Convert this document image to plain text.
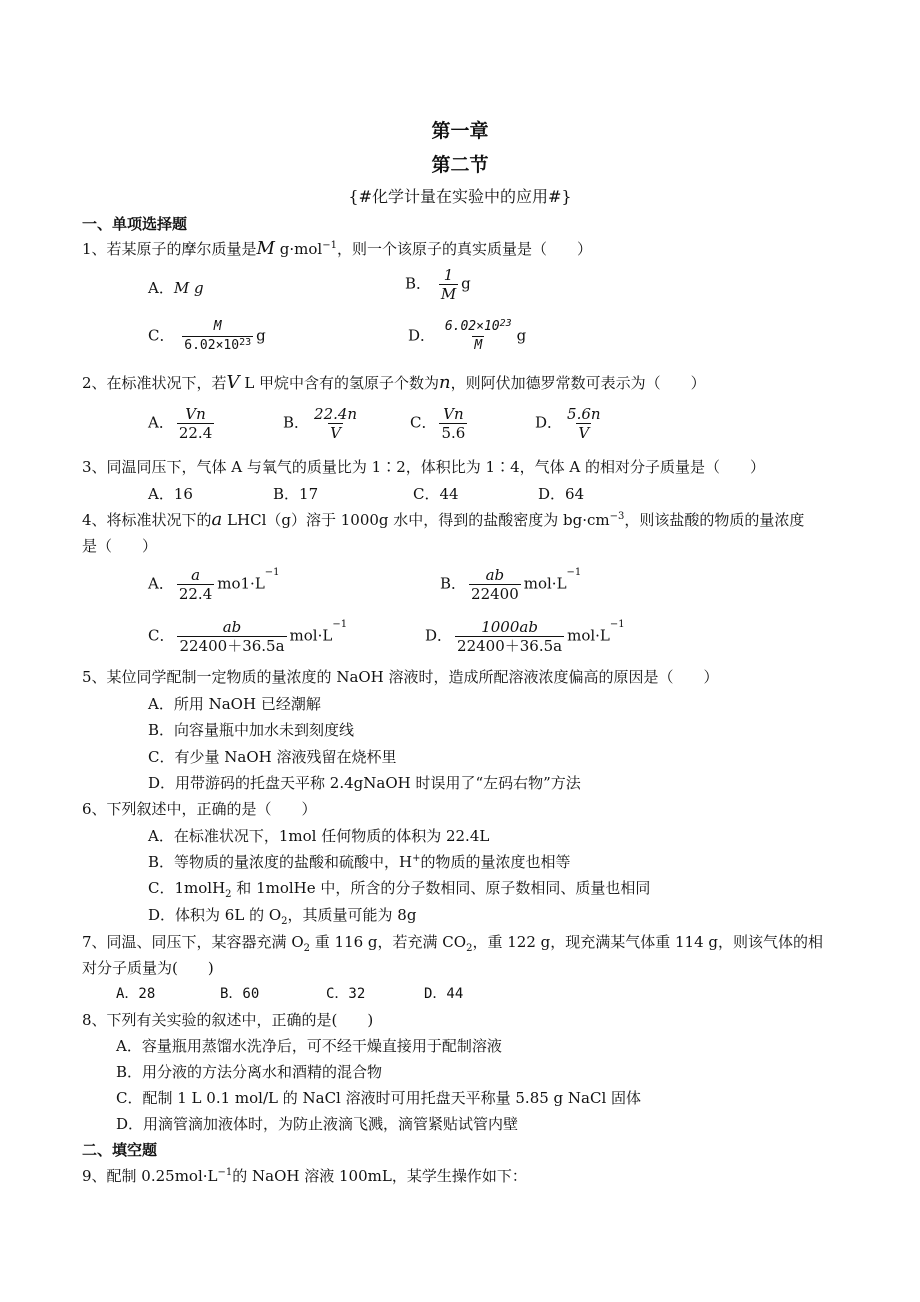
第一章
第二节
{#化学计量在实验中的应用#}
一、单项选择题
1、若某原子的摩尔质量是M g·mol$^{-1}$，则一个该原子的真实质量是（　　）
A．M g	B． $\frac{1}{M}$ g
C． $\frac{M}{6.02\times 10^{23}}$ g	D． $\frac{6.02\times 10^{23}}{M}$ g
2、在标准状况下，若V L 甲烷中含有的氢原子个数为n，则阿伏加德罗常数可表示为（　　）
A． $\frac{Vn}{22.4}$	B． $\frac{22.4n}{V}$	C． $\frac{Vn}{5.6}$	D． $\frac{5.6n}{V}$
3、同温同压下，气体 A 与氧气的质量比为 1∶2，体积比为 1∶4，气体 A 的相对分子质量是（　　）
A．16	B．17	C．44	D．64
4、将标准状况下的a LHCl（g）溶于 1000g 水中，得到的盐酸密度为 $bg\cdot cm^{-3}$，则该盐酸的物质的量浓度
是（　　）
A． $\frac{a}{22.4} mo1\cdot L^{-1}$
B． $\frac{ab}{22400} mol\cdot L^{-1}$
C． $\frac{ab}{22400+36.5a} mol\cdot L^{-1}$
D． $\frac{1000ab}{22400+36.5a} mol\cdot L^{-1}$
5、某位同学配制一定物质的量浓度的 NaOH 溶液时，造成所配溶液浓度偏高的原因是（　　）
A．所用 NaOH 已经潮解
B．向容量瓶中加水未到刻度线
C．有少量 NaOH 溶液残留在烧杯里
D．用带游码的托盘天平称 2.4gNaOH 时误用了“左码右物”方法
6、下列叙述中，正确的是（　　）
A．在标准状况下，1mol 任何物质的体积为 22.4L
B．等物质的量浓度的盐酸和硫酸中，H+的物质的量浓度也相等
C．1molH$_2$ 和 1molHe 中，所含的分子数相同、原子数相同、质量也相同
D．体积为 6L 的 $O_2$，其质量可能为 8g
7、同温、同压下，某容器充满 $O_2$ 重 116 g，若充满 $CO_2$，重 122 g，现充满某气体重 114 g，则该气体的相
对分子质量为(　　)
A．28	B．60	C．32	D．44
8、下列有关实验的叙述中，正确的是(　　)
A．容量瓶用蒸馏水洗净后，可不经干燥直接用于配制溶液
B．用分液的方法分离水和酒精的混合物
C．配制 1 L 0.1 mol/L 的 NaCl 溶液时可用托盘天平称量 5.85 g NaCl 固体
D．用滴管滴加液体时，为防止液滴飞溅，滴管紧贴试管内壁
二、填空题
9、配制 $0.25mol\cdot L^{-1}$的 NaOH 溶液 100mL，某学生操作如下：
